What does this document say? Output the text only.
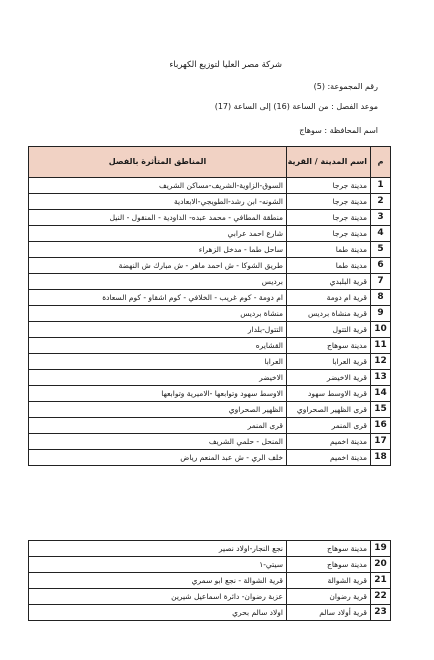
شركة مصر العليا لتوزيع الكهرباء
رقم المجموعة: (5)
موعد الفصل : من الساعة (16) إلى الساعة (17)
اسم المحافظة : سوهاج
م	اسم المدينة / القرية	المناطق المتأثرة بالفصل
1	مدينة جرجا	السوق-الزاوية-الشريف-مساكن الشريف
2	مدينة جرجا	الشونه- ابن رشد-الطويجي-الابعادية
3	مدينة جرجا	منطقة المطافي - محمد عبده- الداودية - المنقول - النيل
4	مدينة جرجا	شارع احمد عرابي
5	مدينة طما	ساحل طما - مدخل الزهراء
6	مدينة طما	طريق الشوكا - ش احمد ماهر - ش مبارك ش النهضة
7	قرية البلبدي	برديس
8	قرية ام دومة	ام دومة - كوم غريب - الخلافي - كوم اشقاو - كوم السعادة
9	قرية منشاة برديس	منشاة برديس
10	قرية التتول	التتول-بلدار
11	مدينة سوهاج	القشايره
12	قرية العرابا	العرابا
13	قرية الاخيضر	الاخيضر
14	قرية الاوسط سهود	الاوسط سهود وتوابعها -الاميرية وتوابعها
15	قرى الظهير الصحراوي	الظهير الصحراوي
16	قرى المنمر	قرى المنمر
17	مدينة اخميم	المنحل - حلمي الشريف
18	مدينة اخميم	خلف الري - ش عبد المنعم رياض
19	مدينة سوهاج	نجع النجار-اولاد نصير
20	مدينة سوهاج	سيتي-١
21	قرية الشوالة	قرية الشوالة - نجع ابو سمري
22	قرية رضوان	عزبة رضوان- دائرة اسماعيل شيرين
23	قرية أولاد سالم	اولاد سالم بحري
